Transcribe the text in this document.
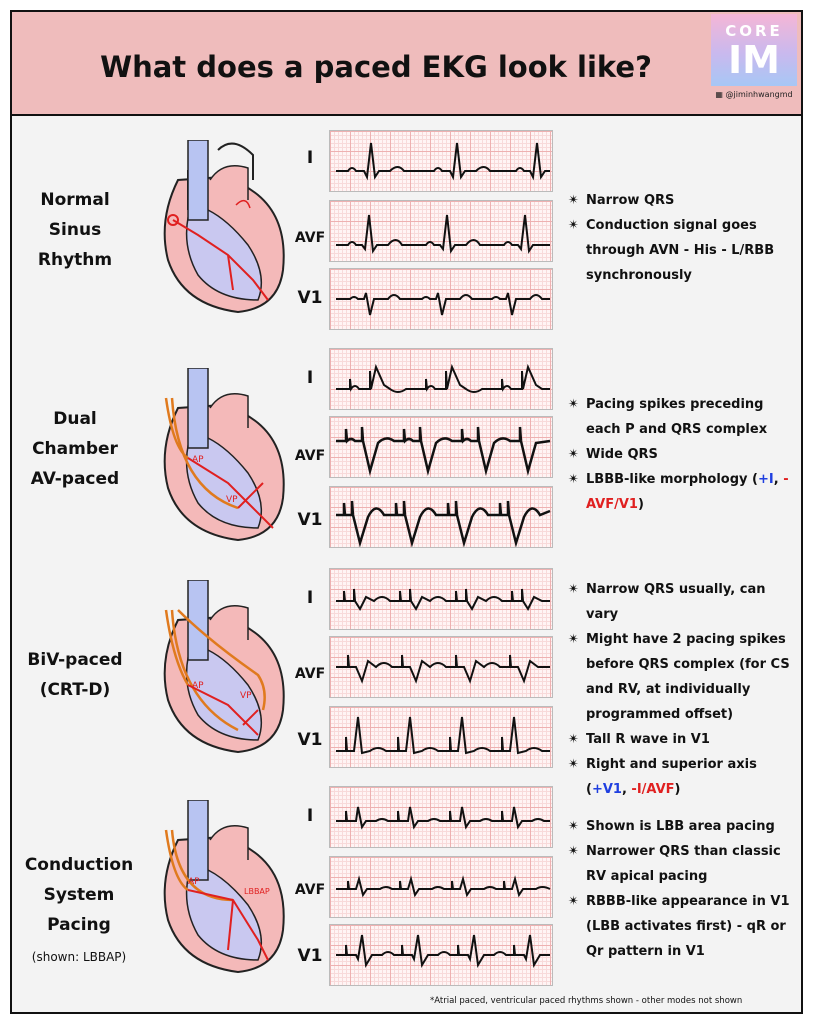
What does a paced EKG look like?
CORE
IM
▦ @jiminhwangmd
Normal
Sinus
Rhythm
Dual
Chamber
AV-paced
BiV-paced
(CRT-D)
Conduction
System
Pacing
(shown: LBBAP)
AP
VP
AP
VP
AP
LBBAP
I
AVF
V1
I
AVF
V1
I
AVF
V1
I
AVF
V1
✴ Narrow QRS
✴ Conduction signal goes through AVN - His - L/RBB synchronously
✴ Pacing spikes preceding each P and QRS complex
✴ Wide QRS
✴ LBBB-like morphology (+I, -AVF/V1)
✴ Narrow QRS usually, can vary
✴ Might have 2 pacing spikes before QRS complex (for CS and RV, at individually programmed offset)
✴ Tall R wave in V1
✴ Right and superior axis (+V1, -I/AVF)
✴ Shown is LBB area pacing
✴ Narrower QRS than classic RV apical pacing
✴ RBBB-like appearance in V1 (LBB activates first) - qR or Qr pattern in V1
*Atrial paced, ventricular paced rhythms shown - other modes not shown
